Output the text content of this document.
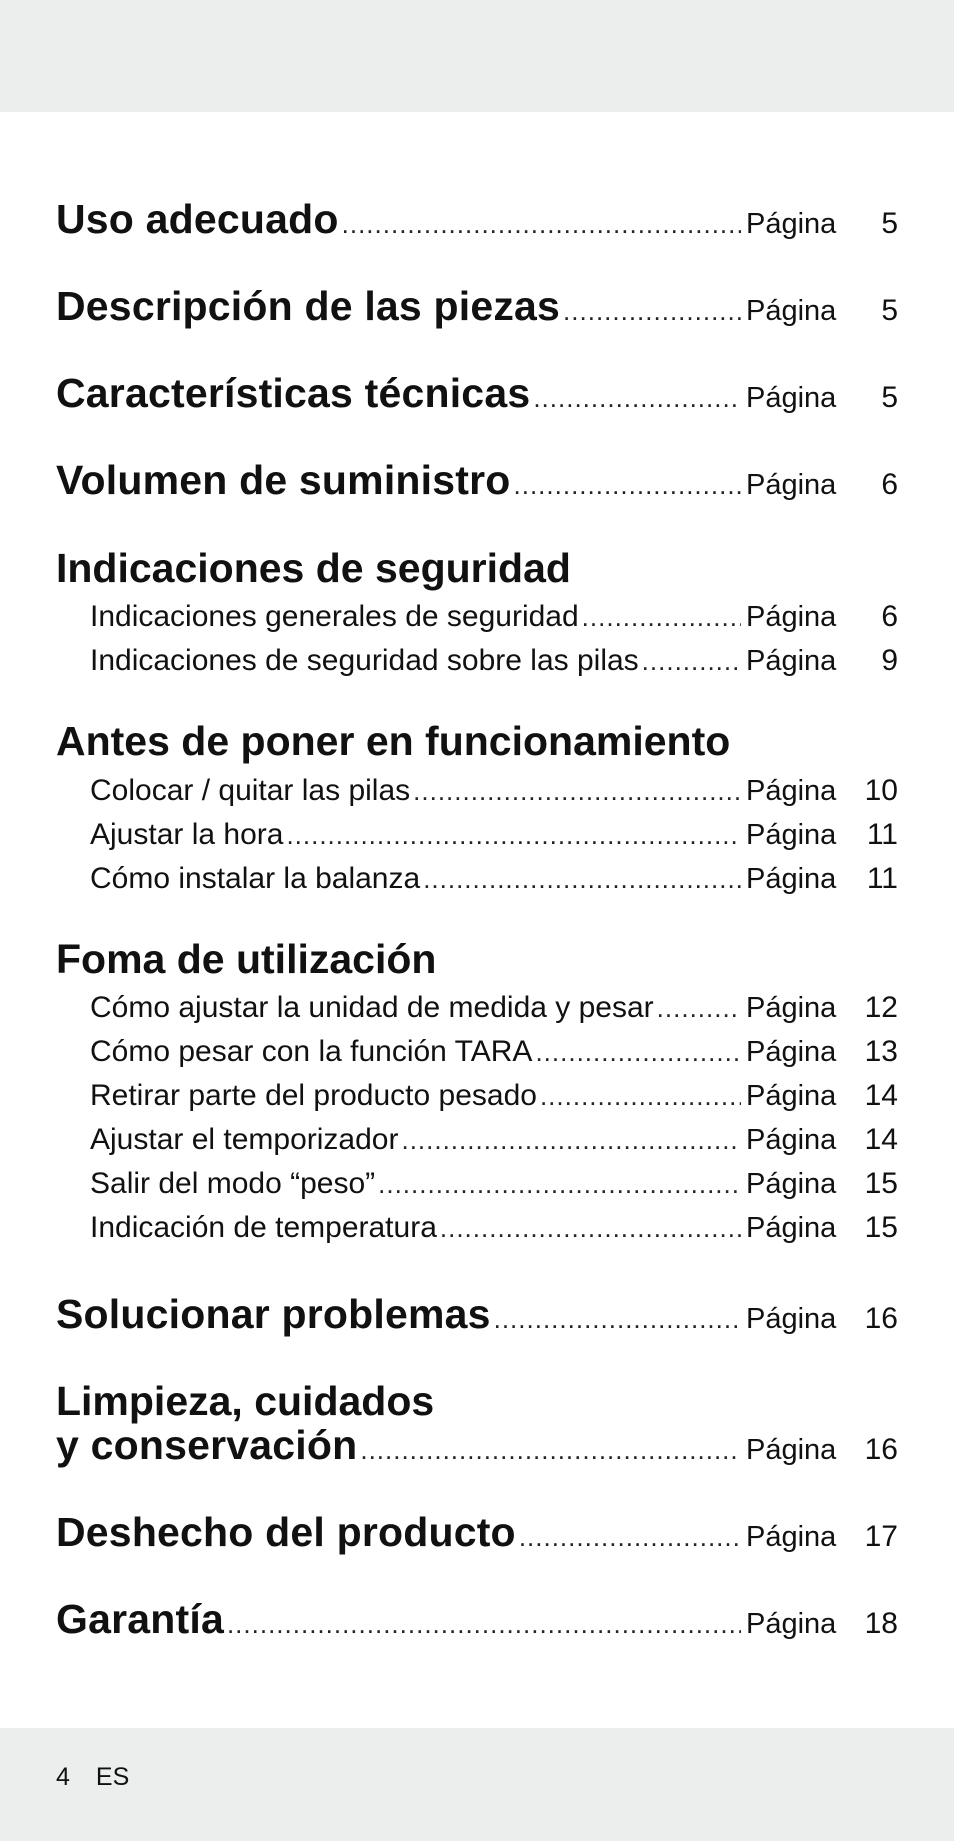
Uso adecuado .....	Página	5
Descripción de las piezas .....	Página	5
Características técnicas .....	Página	5
Volumen de suministro .....	Página	6
Indicaciones de seguridad
Indicaciones generales de seguridad .....	Página	6
Indicaciones de seguridad sobre las pilas .....	Página	9
Antes de poner en funcionamiento
Colocar / quitar las pilas .....	Página 10
Ajustar la hora .....	Página	11
Cómo instalar la balanza .....	Página	11
Foma de utilización
Cómo ajustar la unidad de medida y pesar .....	Página 12
Cómo pesar con la función TARA .....	Página 13
Retirar parte del producto pesado .....	Página 14
Ajustar el temporizador .....	Página 14
Salir del modo “peso” .....	Página 15
Indicación de temperatura .....	Página 15
Solucionar problemas .....	Página 16
Limpieza, cuidados
y conservación .....	Página 16
Deshecho del producto .....	Página 17
Garantía .....	Página 18
4 ES
